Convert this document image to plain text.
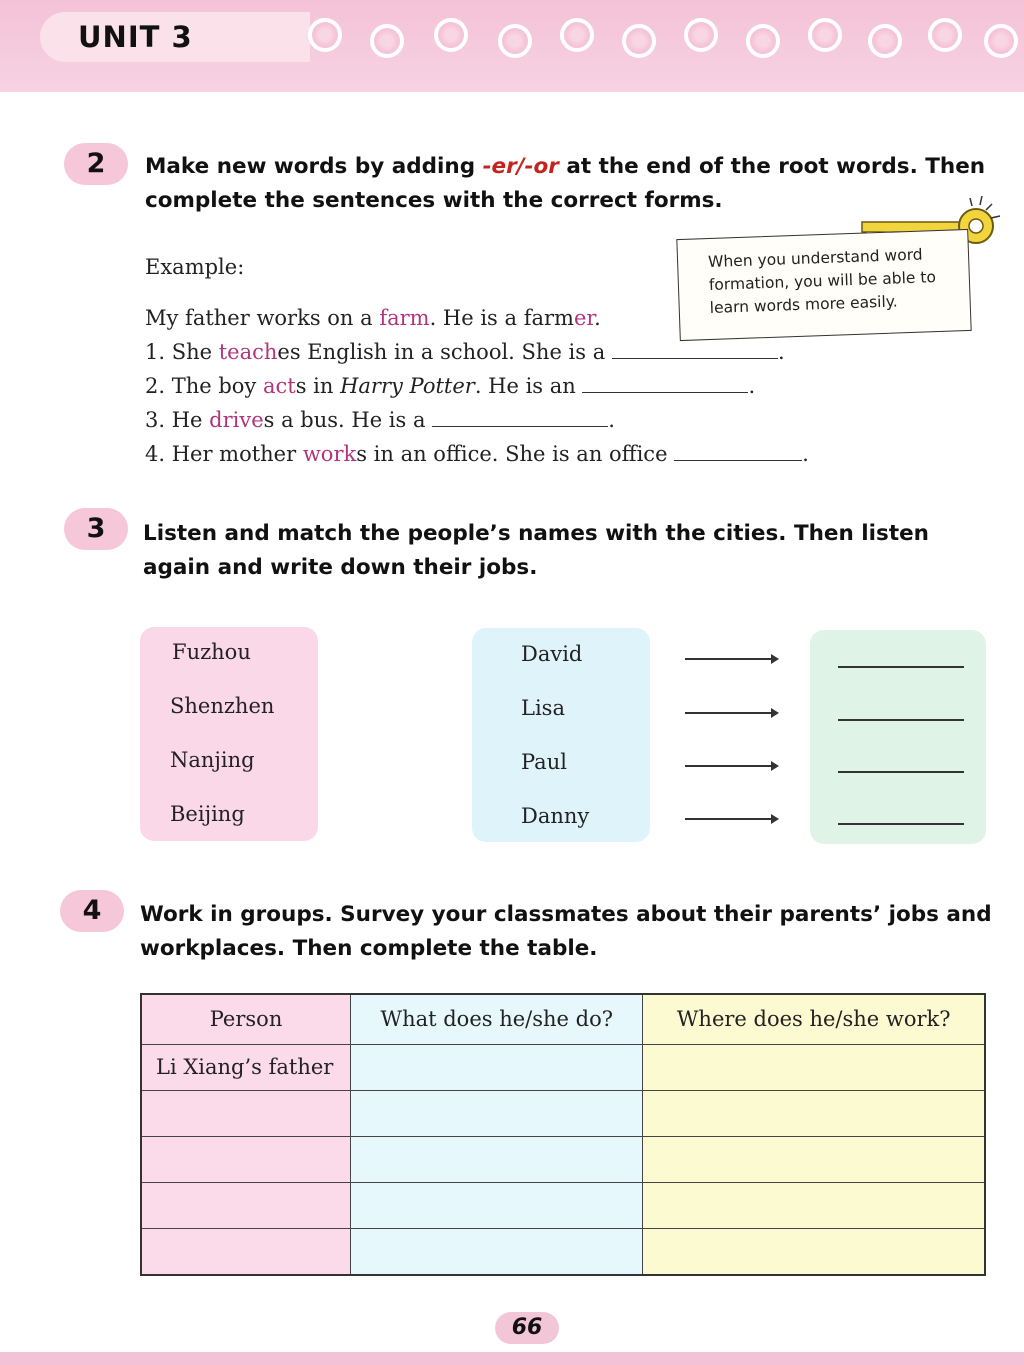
UNIT 3
2	Make new words by adding -er/-or at the end of the root words. Then complete the sentences with the correct forms.
Example:
My father works on a farm. He is a farmer.
1. She teaches English in a school. She is a	.
2. The boy acts in Harry Potter. He is an	.
3. He drives a bus. He is a	.
4. Her mother works in an office. She is an office	.
When you understand word formation, you will be able to learn words more easily.
3	Listen and match the people’s names with the cities. Then listen again and write down their jobs.
Fuzhou
Shenzhen
Nanjing
Beijing
David
Lisa
Paul
Danny
4	Work in groups. Survey your classmates about their parents’ jobs and workplaces. Then complete the table.
Person	What does he/she do?	Where does he/she work?
Li Xiang’s father		

66
